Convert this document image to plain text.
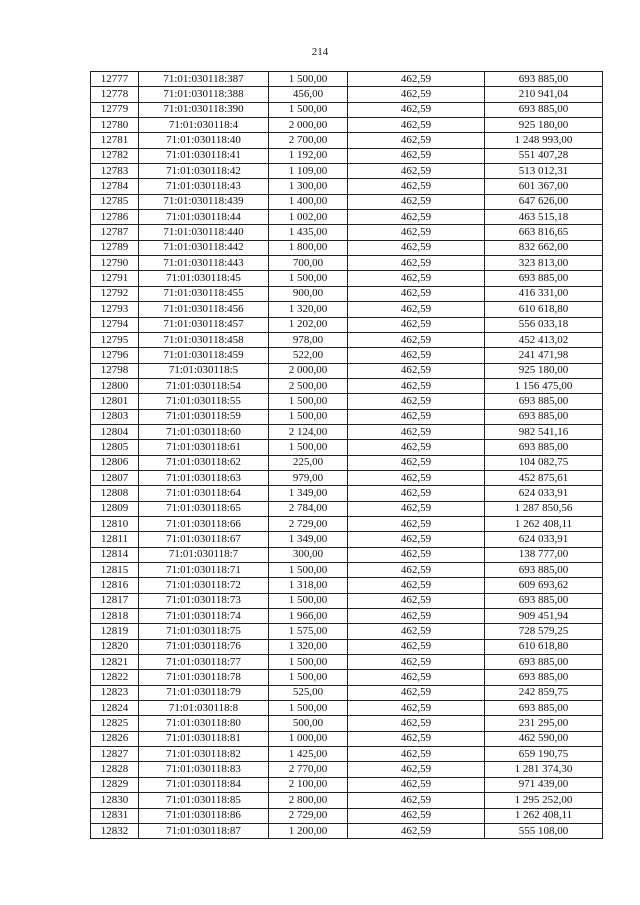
214
12777	71:01:030118:387	1 500,00	462,59	693 885,00
12778	71:01:030118:388	456,00	462,59	210 941,04
12779	71:01:030118:390	1 500,00	462,59	693 885,00
12780	71:01:030118:4	2 000,00	462,59	925 180,00
12781	71:01:030118:40	2 700,00	462,59	1 248 993,00
12782	71:01:030118:41	1 192,00	462,59	551 407,28
12783	71:01:030118:42	1 109,00	462,59	513 012,31
12784	71:01:030118:43	1 300,00	462,59	601 367,00
12785	71:01:030118:439	1 400,00	462,59	647 626,00
12786	71:01:030118:44	1 002,00	462,59	463 515,18
12787	71:01:030118:440	1 435,00	462,59	663 816,65
12789	71:01:030118:442	1 800,00	462,59	832 662,00
12790	71:01:030118:443	700,00	462,59	323 813,00
12791	71:01:030118:45	1 500,00	462,59	693 885,00
12792	71:01:030118:455	900,00	462,59	416 331,00
12793	71:01:030118:456	1 320,00	462,59	610 618,80
12794	71:01:030118:457	1 202,00	462,59	556 033,18
12795	71:01:030118:458	978,00	462,59	452 413,02
12796	71:01:030118:459	522,00	462,59	241 471,98
12798	71:01:030118:5	2 000,00	462,59	925 180,00
12800	71:01:030118:54	2 500,00	462,59	1 156 475,00
12801	71:01:030118:55	1 500,00	462,59	693 885,00
12803	71:01:030118:59	1 500,00	462,59	693 885,00
12804	71:01:030118:60	2 124,00	462,59	982 541,16
12805	71:01:030118:61	1 500,00	462,59	693 885,00
12806	71:01:030118:62	225,00	462,59	104 082,75
12807	71:01:030118:63	979,00	462,59	452 875,61
12808	71:01:030118:64	1 349,00	462,59	624 033,91
12809	71:01:030118:65	2 784,00	462,59	1 287 850,56
12810	71:01:030118:66	2 729,00	462,59	1 262 408,11
12811	71:01:030118:67	1 349,00	462,59	624 033,91
12814	71:01:030118:7	300,00	462,59	138 777,00
12815	71:01:030118:71	1 500,00	462,59	693 885,00
12816	71:01:030118:72	1 318,00	462,59	609 693,62
12817	71:01:030118:73	1 500,00	462,59	693 885,00
12818	71:01:030118:74	1 966,00	462,59	909 451,94
12819	71:01:030118:75	1 575,00	462,59	728 579,25
12820	71:01:030118:76	1 320,00	462,59	610 618,80
12821	71:01:030118:77	1 500,00	462,59	693 885,00
12822	71:01:030118:78	1 500,00	462,59	693 885,00
12823	71:01:030118:79	525,00	462,59	242 859,75
12824	71:01:030118:8	1 500,00	462,59	693 885,00
12825	71:01:030118:80	500,00	462,59	231 295,00
12826	71:01:030118:81	1 000,00	462,59	462 590,00
12827	71:01:030118:82	1 425,00	462,59	659 190,75
12828	71:01:030118:83	2 770,00	462,59	1 281 374,30
12829	71:01:030118:84	2 100,00	462,59	971 439,00
12830	71:01:030118:85	2 800,00	462,59	1 295 252,00
12831	71:01:030118:86	2 729,00	462,59	1 262 408,11
12832	71:01:030118:87	1 200,00	462,59	555 108,00
